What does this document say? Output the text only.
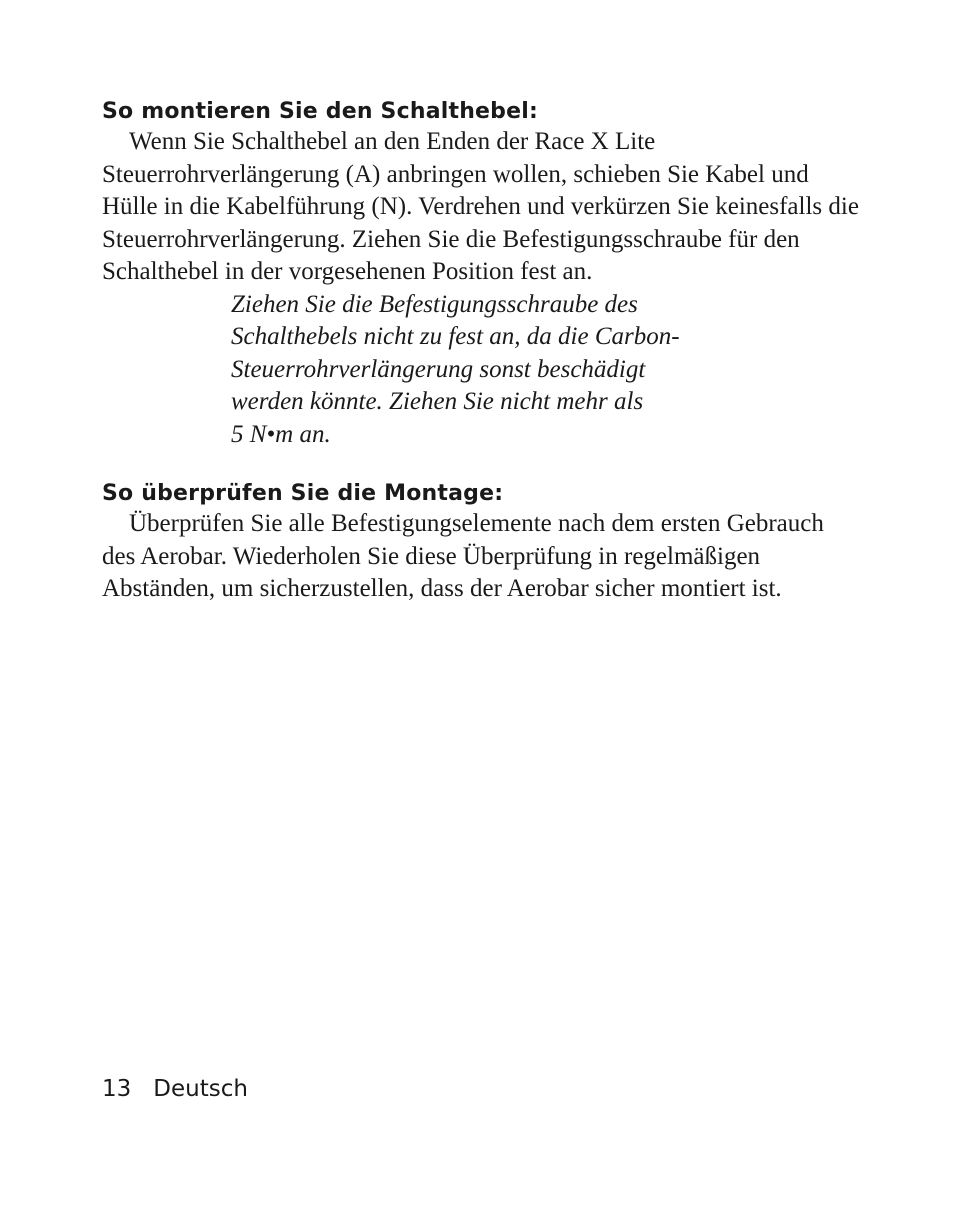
So montieren Sie den Schalthebel:

Wenn Sie Schalthebel an den Enden der Race X Lite Steuerrohrverlängerung (A) anbringen wollen, schieben Sie Kabel und Hülle in die Kabelführung (N). Verdrehen und verkürzen Sie keinesfalls die Steuerrohrverlängerung. Ziehen Sie die Befestigungsschraube für den Schalthebel in der vorgesehenen Position fest an.

Ziehen Sie die Befestigungsschraube des
Schalthebels nicht zu fest an, da die Carbon-
Steuerrohrverlängerung sonst beschädigt
werden könnte. Ziehen Sie nicht mehr als
5 N•m an.
So überprüfen Sie die Montage:

Überprüfen Sie alle Befestigungselemente nach dem ersten Gebrauch des Aerobar. Wiederholen Sie diese Überprüfung in regelmäßigen Abständen, um sicherzustellen, dass der Aerobar sicher montiert ist.

13 Deutsch
